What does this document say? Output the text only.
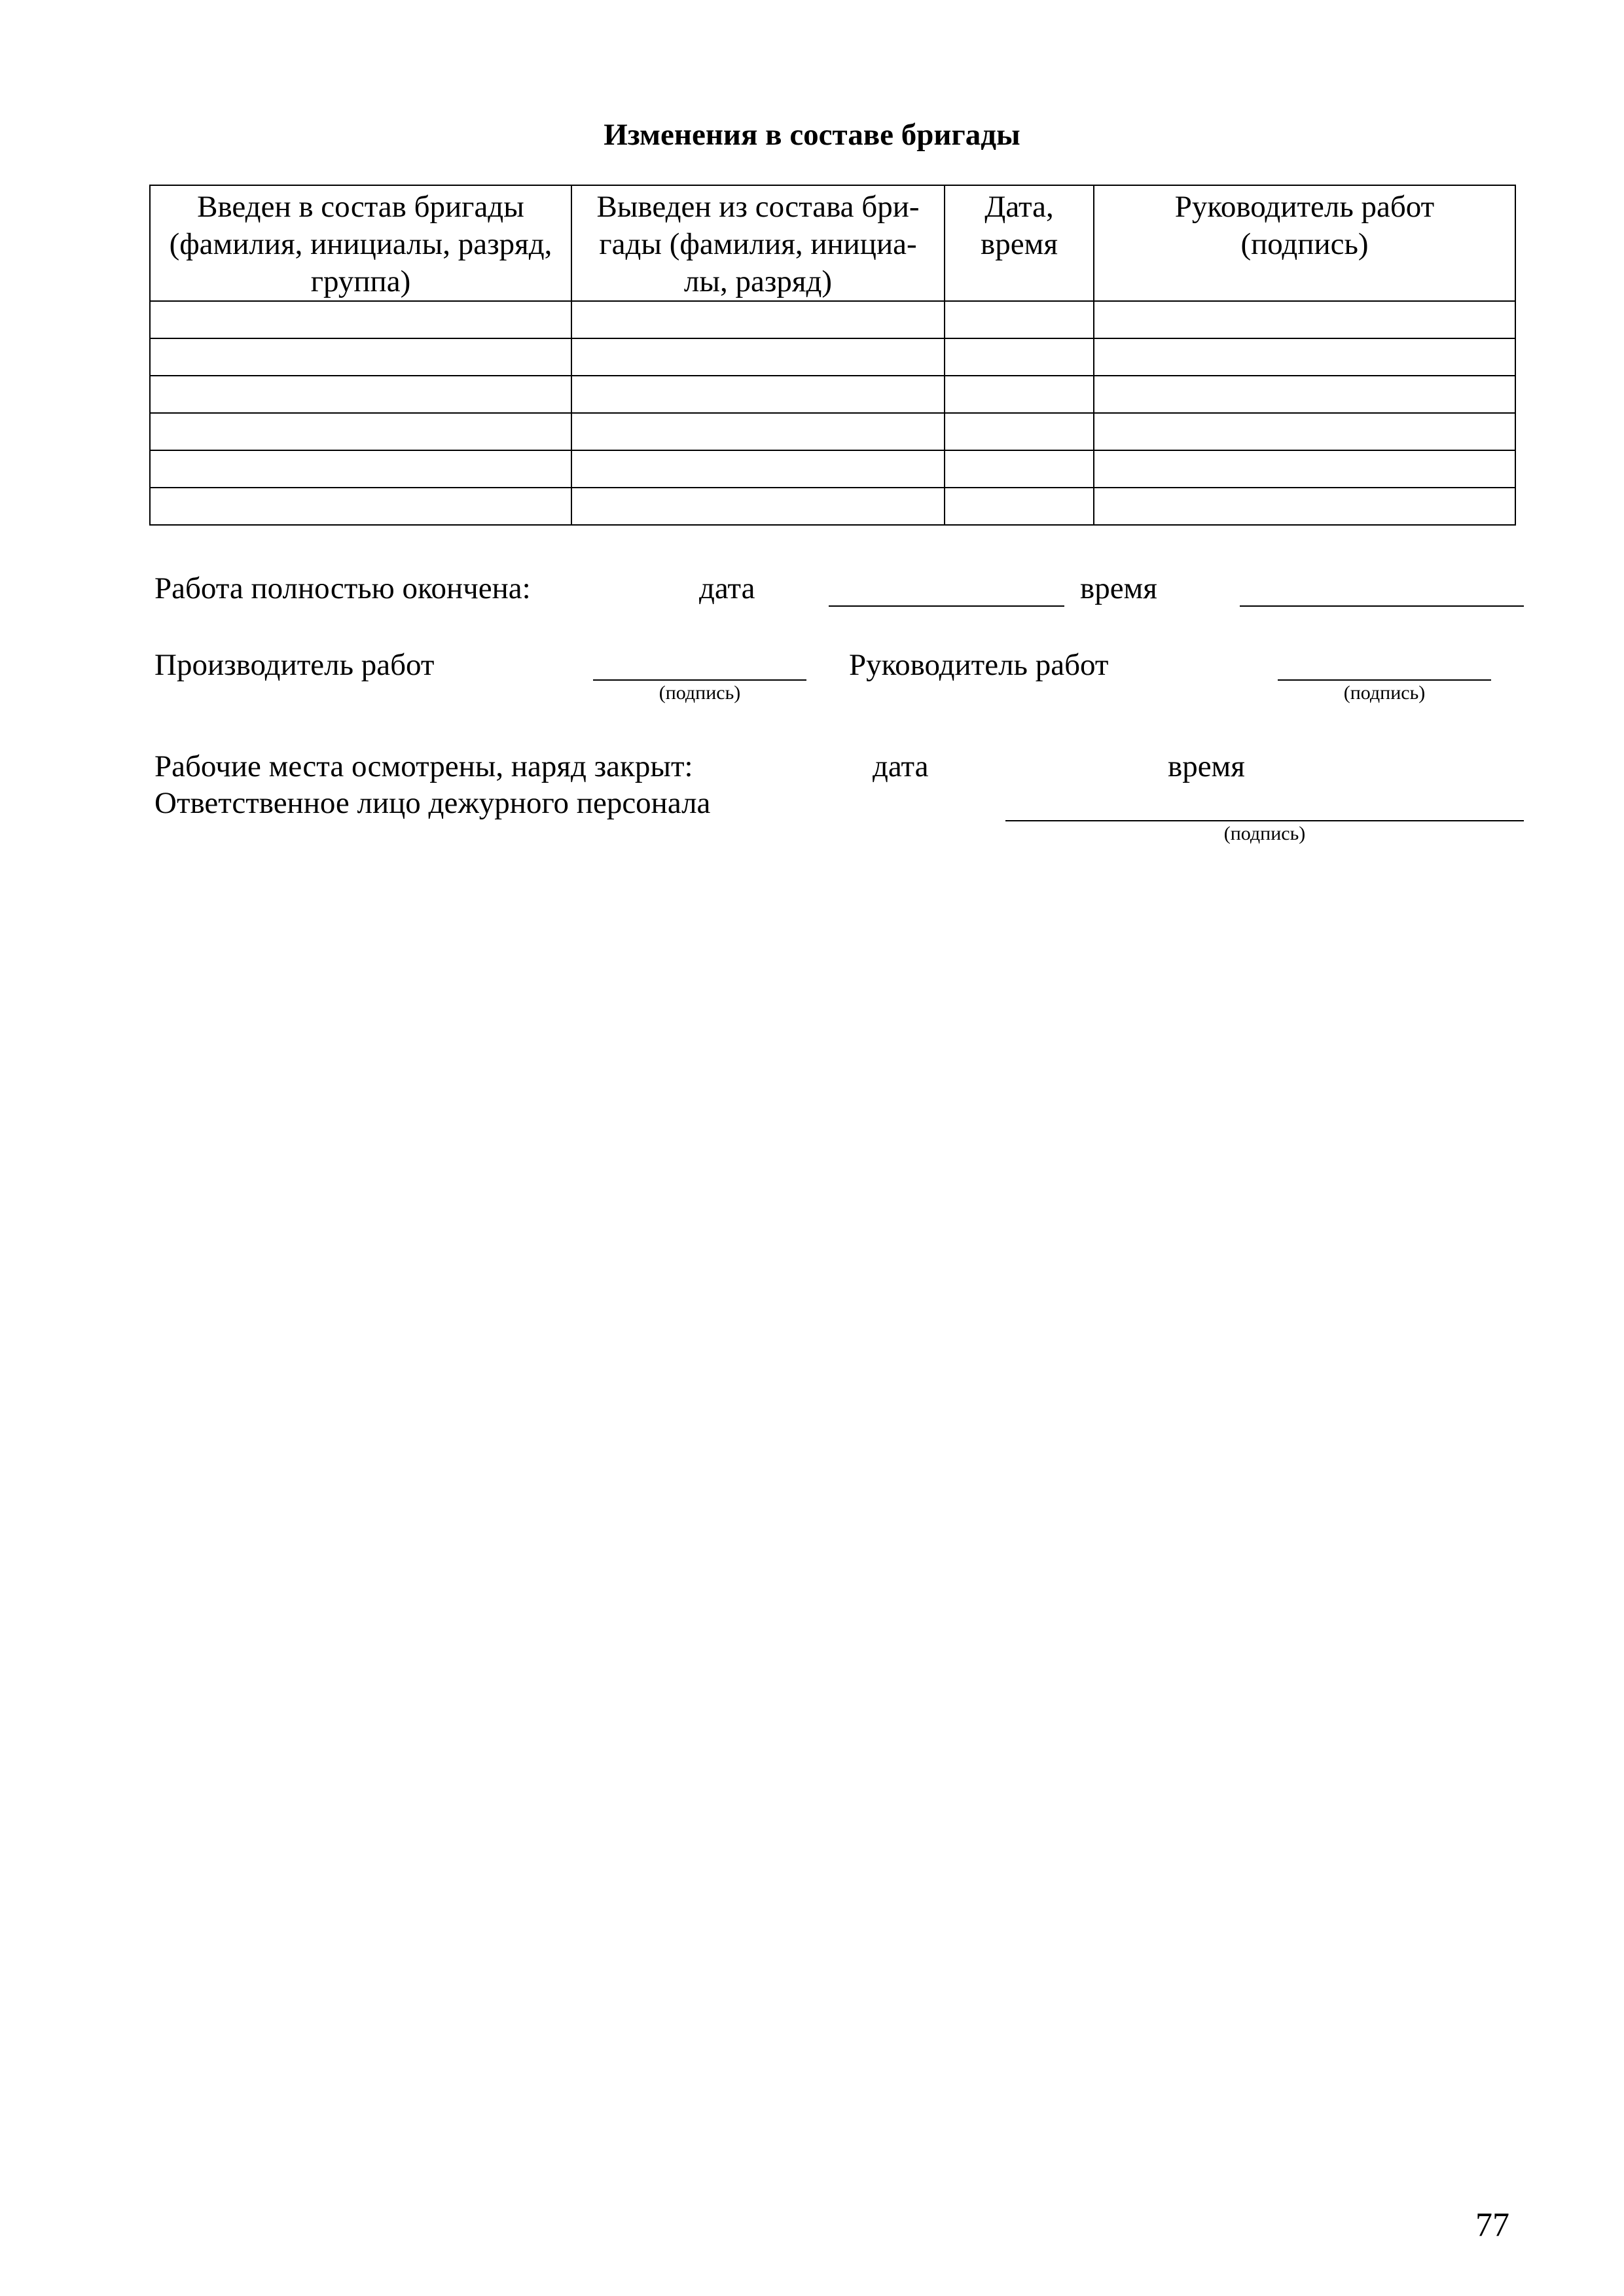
Изменения в составе бригады
Введен в состав бригады
(фамилия, инициалы, разряд,
группа)	Выведен из состава бри-
гады (фамилия, инициа-
лы, разряд)	Дата,
время	Руководитель работ
(подпись)

Работа полностью окончена:	дата	время
Производитель работ
(подпись)
Руководитель работ
(подпись)
Рабочие места осмотрены, наряд закрыт:	дата	время
Ответственное лицо дежурного персонала
(подпись)
77
